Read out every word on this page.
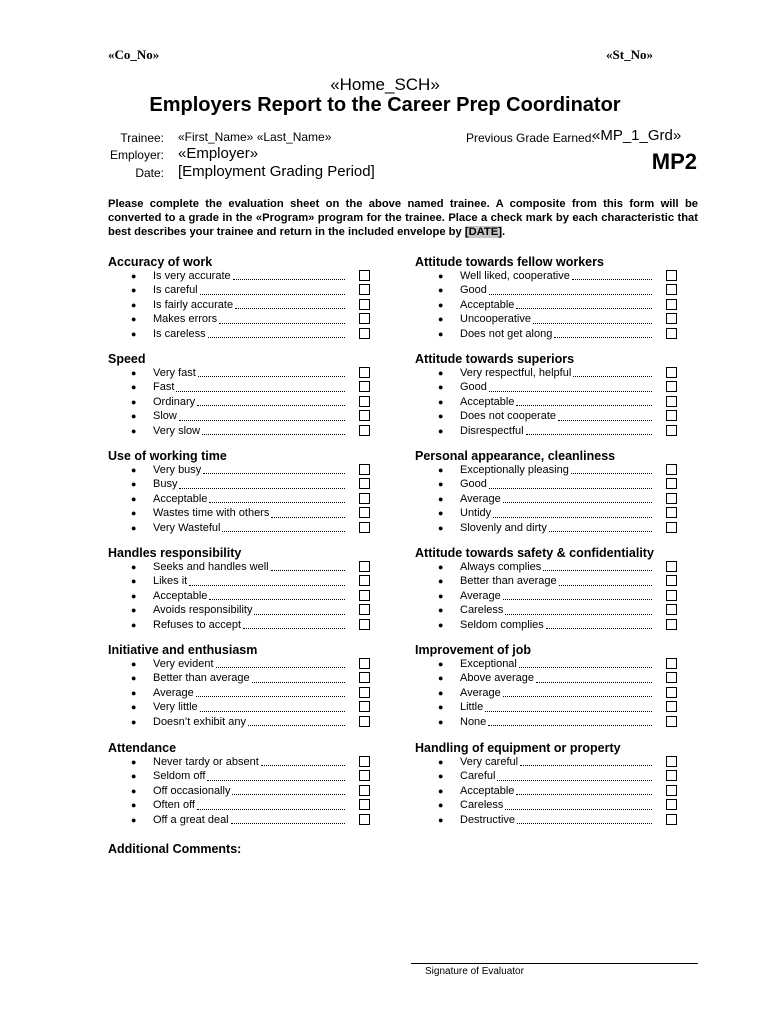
«Co_No»	«St_No»
«Home_SCH»
Employers Report to the Career Prep Coordinator
Trainee: «First_Name» «Last_Name»
Employer: «Employer»
Date: [Employment Grading Period]
Previous Grade Earned:
«MP_1_Grd»
MP2
Please complete the evaluation sheet on the above named trainee. A composite from this form will be converted to a grade in the «Program» program for the trainee. Place a check mark by each characteristic that best describes your trainee and return in the included envelope by [DATE].
Accuracy of work
● Is very accurate
● Is careful
● Is fairly accurate
● Makes errors
● Is careless
Speed
● Very fast
● Fast
● Ordinary
● Slow
● Very slow
Use of working time
● Very busy
● Busy
● Acceptable
● Wastes time with others
● Very Wasteful
Handles responsibility
● Seeks and handles well
● Likes it
● Acceptable
● Avoids responsibility
● Refuses to accept
Initiative and enthusiasm
● Very evident
● Better than average
● Average
● Very little
● Doesn’t exhibit any
Attendance
● Never tardy or absent
● Seldom off
● Off occasionally
● Often off
● Off a great deal
Attitude towards fellow workers
● Well liked, cooperative
● Good
● Acceptable
● Uncooperative
● Does not get along
Attitude towards superiors
● Very respectful, helpful
● Good
● Acceptable
● Does not cooperate
● Disrespectful
Personal appearance, cleanliness
● Exceptionally pleasing
● Good
● Average
● Untidy
● Slovenly and dirty
Attitude towards safety & confidentiality
● Always complies
● Better than average
● Average
● Careless
● Seldom complies
Improvement of job
● Exceptional
● Above average
● Average
● Little
● None
Handling of equipment or property
● Very careful
● Careful
● Acceptable
● Careless
● Destructive
Additional Comments:
Signature of Evaluator
